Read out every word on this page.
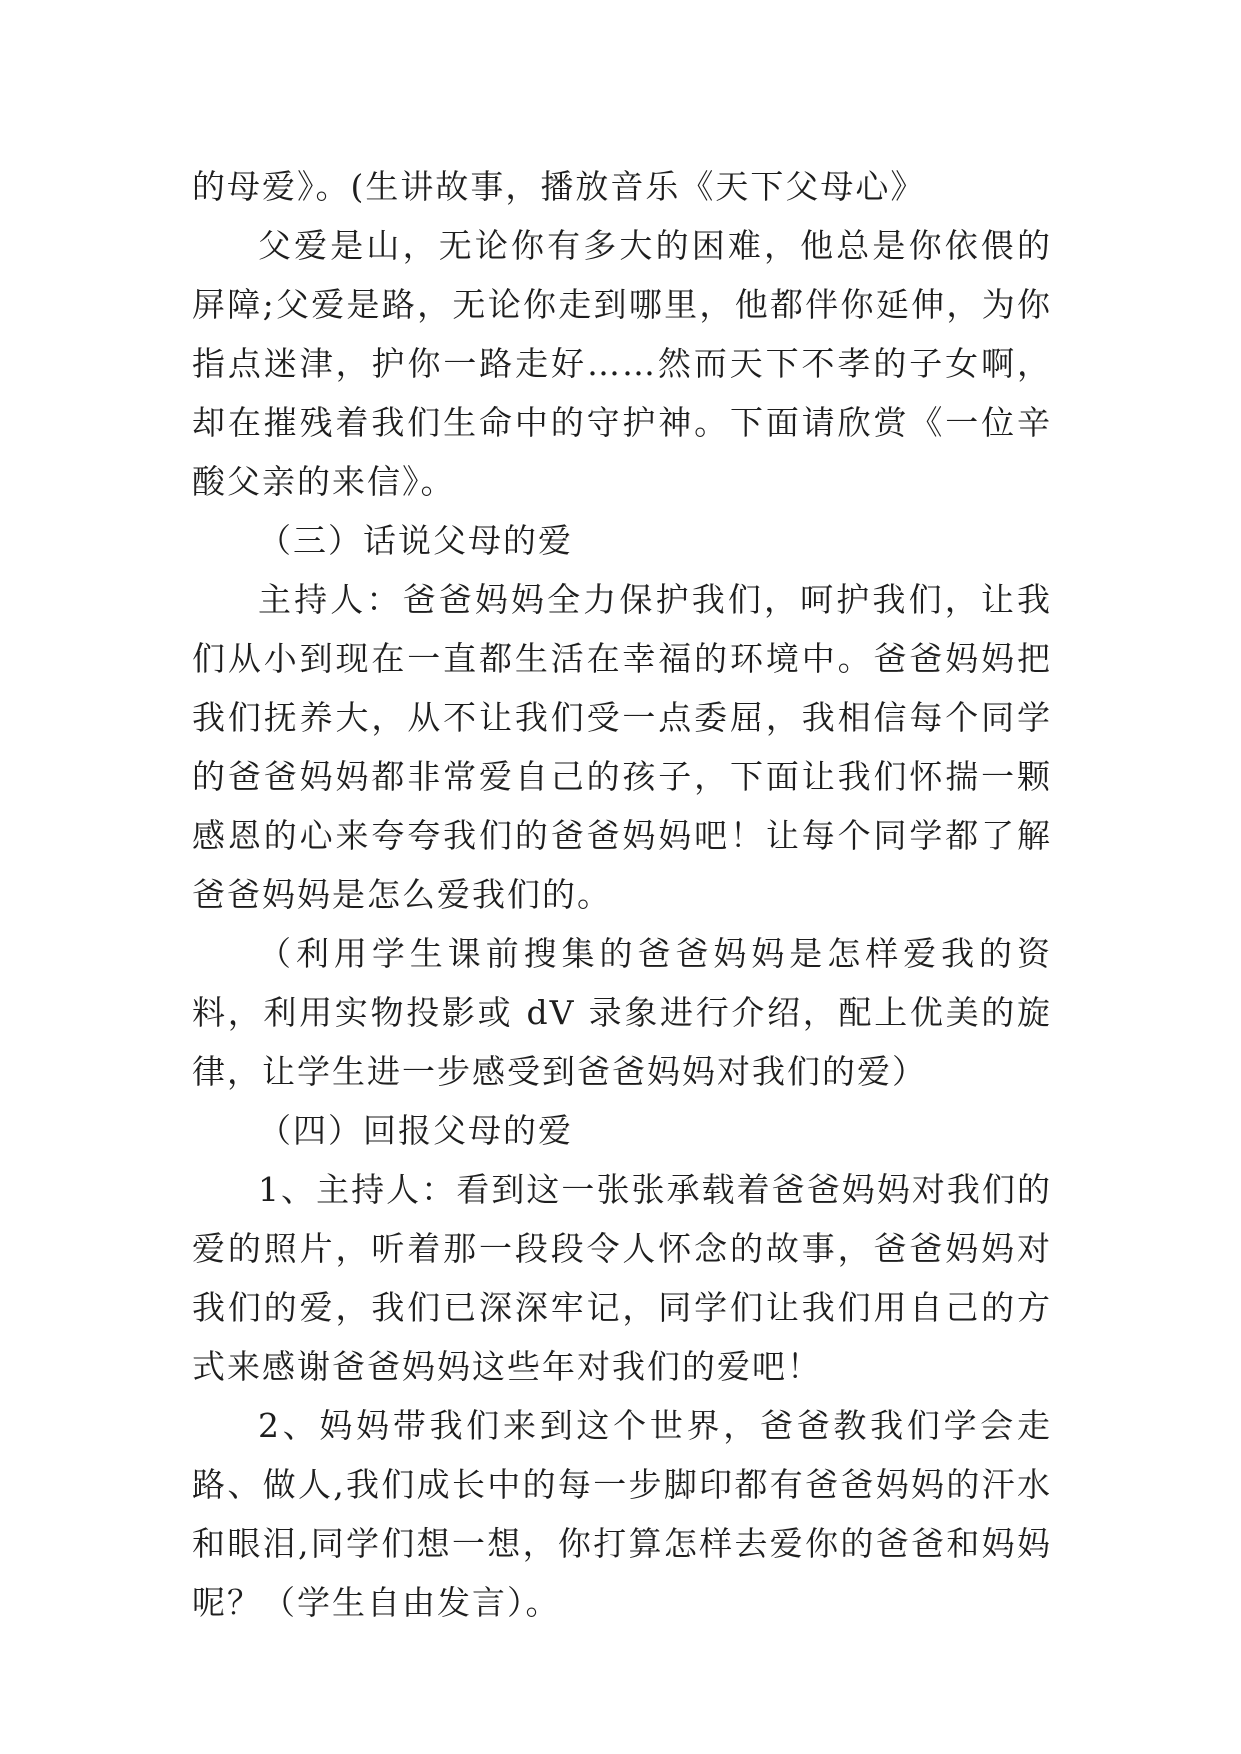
的母爱》。(生讲故事，播放音乐《天下父母心》

父爱是山，无论你有多大的困难，他总是你依偎的屏障;父爱是路，无论你走到哪里，他都伴你延伸，为你指点迷津，护你一路走好……然而天下不孝的子女啊，却在摧残着我们生命中的守护神。下面请欣赏《一位辛酸父亲的来信》。

（三）话说父母的爱

主持人：爸爸妈妈全力保护我们，呵护我们，让我们从小到现在一直都生活在幸福的环境中。爸爸妈妈把我们抚养大，从不让我们受一点委屈，我相信每个同学的爸爸妈妈都非常爱自己的孩子，下面让我们怀揣一颗感恩的心来夸夸我们的爸爸妈妈吧！让每个同学都了解爸爸妈妈是怎么爱我们的。

（利用学生课前搜集的爸爸妈妈是怎样爱我的资料，利用实物投影或 dV 录象进行介绍，配上优美的旋律，让学生进一步感受到爸爸妈妈对我们的爱）

（四）回报父母的爱

1、主持人：看到这一张张承载着爸爸妈妈对我们的爱的照片，听着那一段段令人怀念的故事，爸爸妈妈对我们的爱，我们已深深牢记，同学们让我们用自己的方式来感谢爸爸妈妈这些年对我们的爱吧！

2、妈妈带我们来到这个世界，爸爸教我们学会走路、做人,我们成长中的每一步脚印都有爸爸妈妈的汗水和眼泪,同学们想一想，你打算怎样去爱你的爸爸和妈妈呢？（学生自由发言）。
